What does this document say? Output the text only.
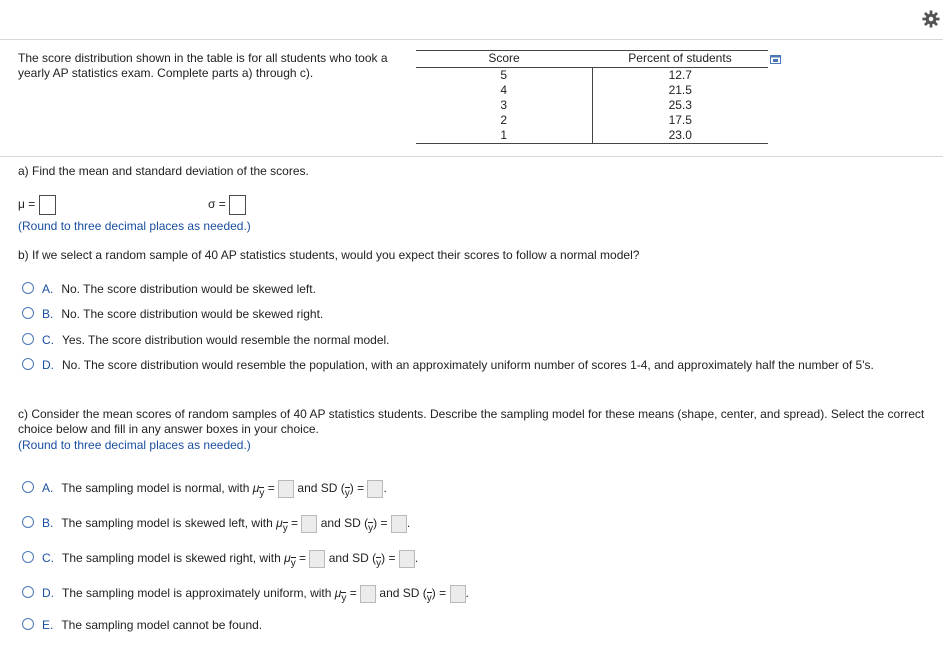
The score distribution shown in the table is for all students who took a yearly AP statistics exam. Complete parts a) through c).
Score	Percent of students
5	12.7
4	21.5
3	25.3
2	17.5
1	23.0
a) Find the mean and standard deviation of the scores.
μ =	σ =
(Round to three decimal places as needed.)
b) If we select a random sample of 40 AP statistics students, would you expect their scores to follow a normal model?
A. No. The score distribution would be skewed left.
B. No. The score distribution would be skewed right.
C. Yes. The score distribution would resemble the normal model.
D. No. The score distribution would resemble the population, with an approximately uniform number of scores 1-4, and approximately half the number of 5's.
c) Consider the mean scores of random samples of 40 AP statistics students. Describe the sampling model for these means (shape, center, and spread). Select the correct choice below and fill in any answer boxes in your choice.
(Round to three decimal places as needed.)
A. The sampling model is normal, with μy = and SD (y) = .
B. The sampling model is skewed left, with μy = and SD (y) = .
C. The sampling model is skewed right, with μy = and SD (y) = .
D. The sampling model is approximately uniform, with μy = and SD (y) = .
E. The sampling model cannot be found.
